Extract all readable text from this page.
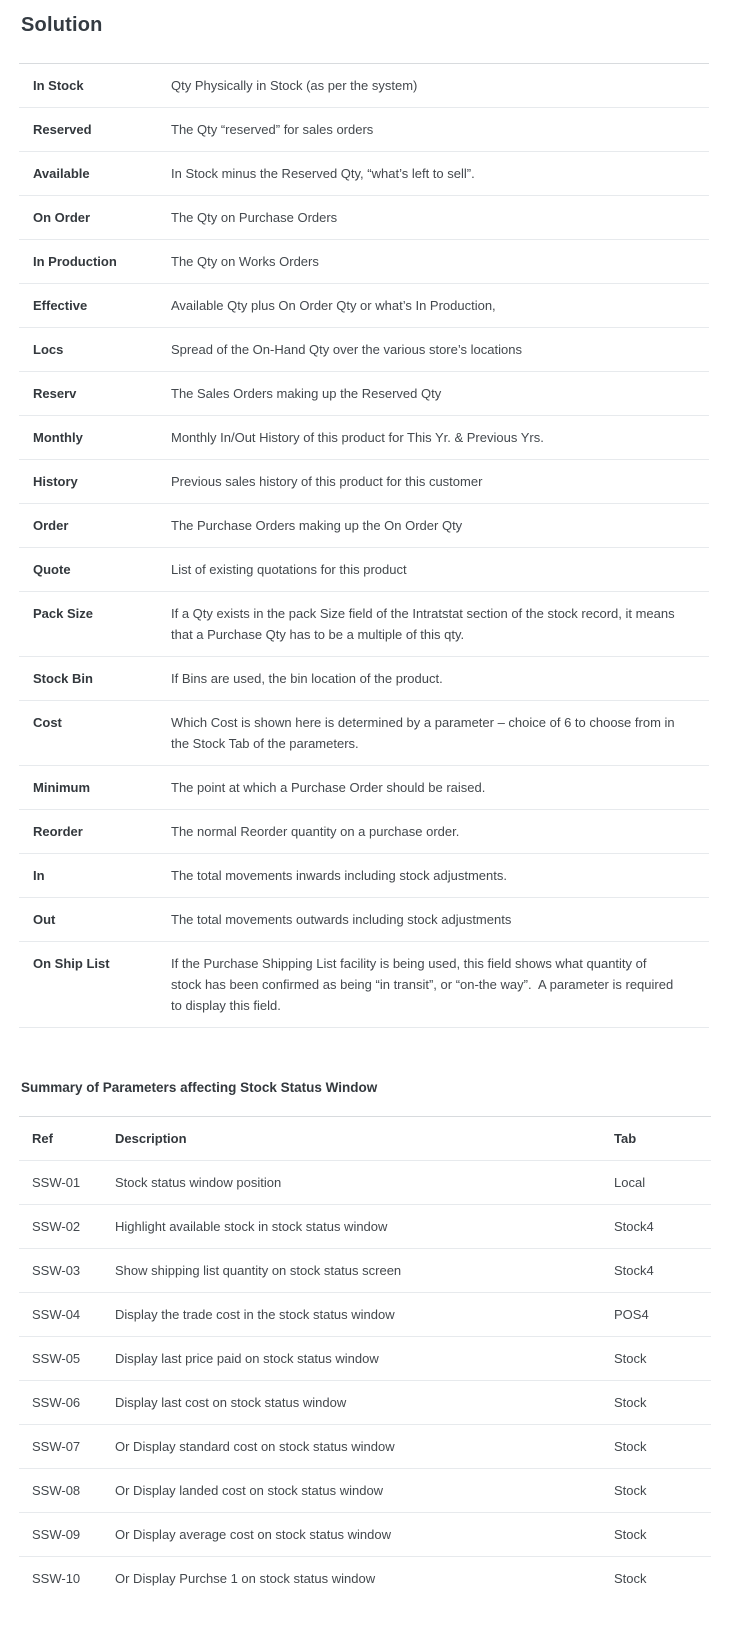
Solution
In Stock	Qty Physically in Stock (as per the system)
Reserved	The Qty “reserved” for sales orders
Available	In Stock minus the Reserved Qty, “what’s left to sell”.
On Order	The Qty on Purchase Orders
In Production	The Qty on Works Orders
Effective	Available Qty plus On Order Qty or what’s In Production,
Locs	Spread of the On-Hand Qty over the various store’s locations
Reserv	The Sales Orders making up the Reserved Qty
Monthly	Monthly In/Out History of this product for This Yr. & Previous Yrs.
History	Previous sales history of this product for this customer
Order	The Purchase Orders making up the On Order Qty
Quote	List of existing quotations for this product
Pack Size	If a Qty exists in the pack Size field of the Intratstat section of the stock record, it means that a Purchase Qty has to be a multiple of this qty.
Stock Bin	If Bins are used, the bin location of the product.
Cost	Which Cost is shown here is determined by a parameter – choice of 6 to choose from in the Stock Tab of the parameters.
Minimum	The point at which a Purchase Order should be raised.
Reorder	The normal Reorder quantity on a purchase order.
In	The total movements inwards including stock adjustments.
Out	The total movements outwards including stock adjustments
On Ship List	If the Purchase Shipping List facility is being used, this field shows what quantity of stock has been confirmed as being “in transit”, or “on-the way”.  A parameter is required to display this field.
Summary of Parameters affecting Stock Status Window
Ref	Description	Tab
SSW-01	Stock status window position	Local
SSW-02	Highlight available stock in stock status window	Stock4
SSW-03	Show shipping list quantity on stock status screen	Stock4
SSW-04	Display the trade cost in the stock status window	POS4
SSW-05	Display last price paid on stock status window	Stock
SSW-06	Display last cost on stock status window	Stock
SSW-07	Or Display standard cost on stock status window	Stock
SSW-08	Or Display landed cost on stock status window	Stock
SSW-09	Or Display average cost on stock status window	Stock
SSW-10	Or Display Purchse 1 on stock status window	Stock
